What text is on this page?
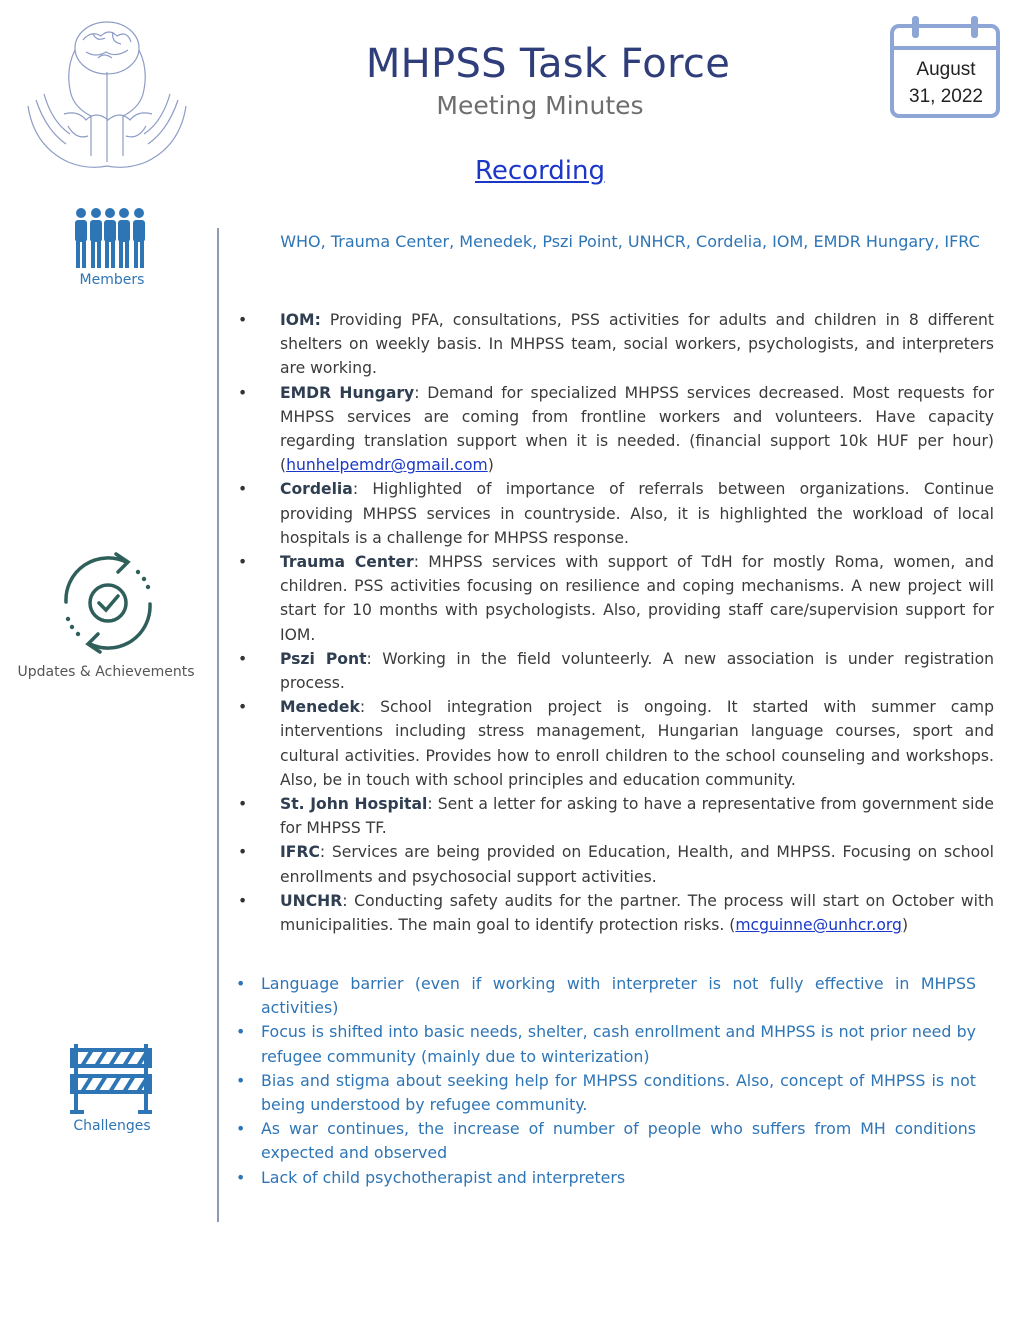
MHPSS Task Force
Meeting Minutes
Recording
August
31, 2022
Members
Updates & Achievements
Challenges
WHO, Trauma Center, Menedek, Pszi Point, UNHCR, Cordelia, IOM, EMDR Hungary, IFRC
• IOM: Providing PFA, consultations, PSS activities for adults and children in 8 different shelters on weekly basis. In MHPSS team, social workers, psychologists, and interpreters are working.
• EMDR Hungary: Demand for specialized MHPSS services decreased. Most requests for MHPSS services are coming from frontline workers and volunteers. Have capacity regarding translation support when it is needed. (financial support 10k HUF per hour) (hunhelpemdr@gmail.com)
• Cordelia: Highlighted of importance of referrals between organizations. Continue providing MHPSS services in countryside. Also, it is highlighted the workload of local hospitals is a challenge for MHPSS response.
• Trauma Center: MHPSS services with support of TdH for mostly Roma, women, and children. PSS activities focusing on resilience and coping mechanisms. A new project will start for 10 months with psychologists. Also, providing staff care/supervision support for IOM.
• Pszi Pont: Working in the field volunteerly. A new association is under registration process.
• Menedek: School integration project is ongoing. It started with summer camp interventions including stress management, Hungarian language courses, sport and cultural activities. Provides how to enroll children to the school counseling and workshops. Also, be in touch with school principles and education community.
• St. John Hospital: Sent a letter for asking to have a representative from government side for MHPSS TF.
• IFRC: Services are being provided on Education, Health, and MHPSS. Focusing on school enrollments and psychosocial support activities.
• UNCHR: Conducting safety audits for the partner. The process will start on October with municipalities. The main goal to identify protection risks. (mcguinne@unhcr.org)
• Language barrier (even if working with interpreter is not fully effective in MHPSS activities)
• Focus is shifted into basic needs, shelter, cash enrollment and MHPSS is not prior need by refugee community (mainly due to winterization)
• Bias and stigma about seeking help for MHPSS conditions. Also, concept of MHPSS is not being understood by refugee community.
• As war continues, the increase of number of people who suffers from MH conditions expected and observed
• Lack of child psychotherapist and interpreters
